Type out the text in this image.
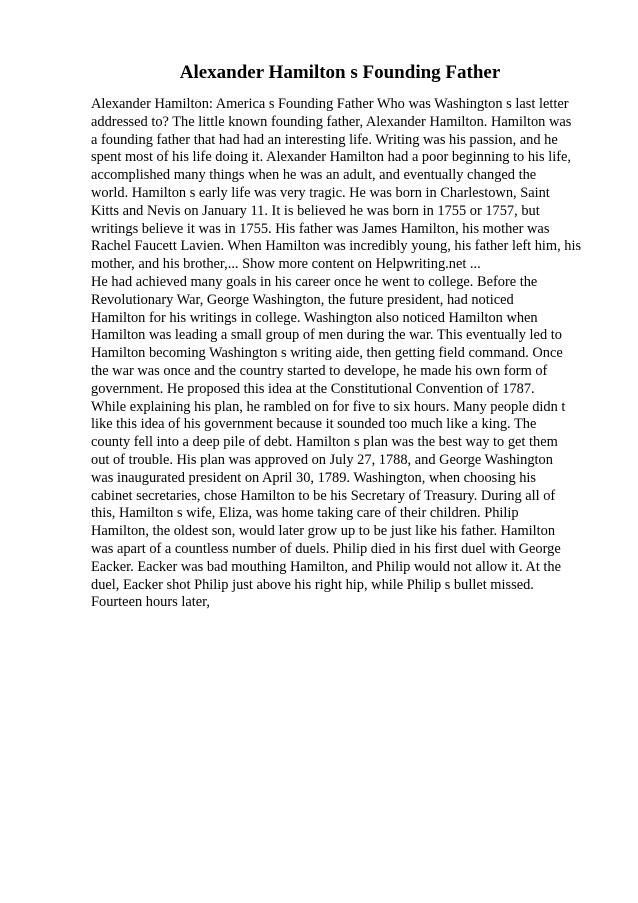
Alexander Hamilton s Founding Father
Alexander Hamilton: America s Founding Father Who was Washington s last letter
addressed to? The little known founding father, Alexander Hamilton. Hamilton was
a founding father that had had an interesting life. Writing was his passion, and he
spent most of his life doing it. Alexander Hamilton had a poor beginning to his life,
accomplished many things when he was an adult, and eventually changed the
world. Hamilton s early life was very tragic. He was born in Charlestown, Saint
Kitts and Nevis on January 11. It is believed he was born in 1755 or 1757, but
writings believe it was in 1755. His father was James Hamilton, his mother was
Rachel Faucett Lavien. When Hamilton was incredibly young, his father left him, his
mother, and his brother,... Show more content on Helpwriting.net ...
He had achieved many goals in his career once he went to college. Before the
Revolutionary War, George Washington, the future president, had noticed
Hamilton for his writings in college. Washington also noticed Hamilton when
Hamilton was leading a small group of men during the war. This eventually led to
Hamilton becoming Washington s writing aide, then getting field command. Once
the war was once and the country started to develope, he made his own form of
government. He proposed this idea at the Constitutional Convention of 1787.
While explaining his plan, he rambled on for five to six hours. Many people didn t
like this idea of his government because it sounded too much like a king. The
county fell into a deep pile of debt. Hamilton s plan was the best way to get them
out of trouble. His plan was approved on July 27, 1788, and George Washington
was inaugurated president on April 30, 1789. Washington, when choosing his
cabinet secretaries, chose Hamilton to be his Secretary of Treasury. During all of
this, Hamilton s wife, Eliza, was home taking care of their children. Philip
Hamilton, the oldest son, would later grow up to be just like his father. Hamilton
was apart of a countless number of duels. Philip died in his first duel with George
Eacker. Eacker was bad mouthing Hamilton, and Philip would not allow it. At the
duel, Eacker shot Philip just above his right hip, while Philip s bullet missed.
Fourteen hours later,
